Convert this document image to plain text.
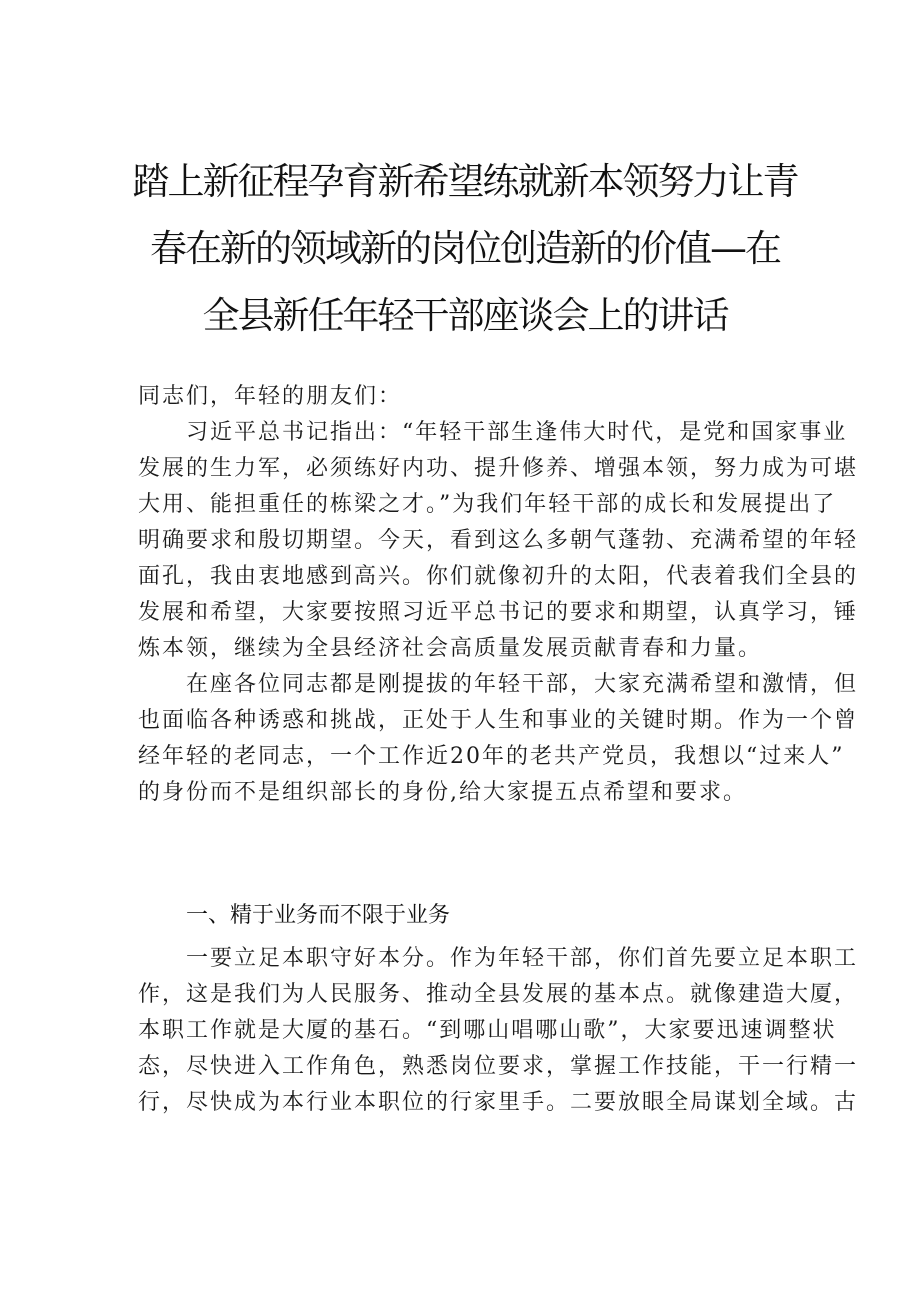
踏上新征程孕育新希望练就新本领努力让青
春在新的领域新的岗位创造新的价值—在
全县新任年轻干部座谈会上的讲话

同志们，年轻的朋友们：

习近平总书记指出：“年轻干部生逢伟大时代，是党和国家事业
发展的生力军，必须练好内功、提升修养、增强本领，努力成为可堪
大用、能担重任的栋梁之才。”为我们年轻干部的成长和发展提出了
明确要求和殷切期望。今天，看到这么多朝气蓬勃、充满希望的年轻
面孔，我由衷地感到高兴。你们就像初升的太阳，代表着我们全县的
发展和希望，大家要按照习近平总书记的要求和期望，认真学习，锤
炼本领，继续为全县经济社会高质量发展贡献青春和力量。

在座各位同志都是刚提拔的年轻干部，大家充满希望和激情，但
也面临各种诱惑和挑战，正处于人生和事业的关键时期。作为一个曾
经年轻的老同志，一个工作近20年的老共产党员，我想以“过来人”
的身份而不是组织部长的身份,给大家提五点希望和要求。

一、精于业务而不限于业务

一要立足本职守好本分。作为年轻干部，你们首先要立足本职工
作，这是我们为人民服务、推动全县发展的基本点。就像建造大厦，
本职工作就是大厦的基石。“到哪山唱哪山歌”，大家要迅速调整状
态，尽快进入工作角色，熟悉岗位要求，掌握工作技能，干一行精一
行，尽快成为本行业本职位的行家里手。二要放眼全局谋划全域。古
